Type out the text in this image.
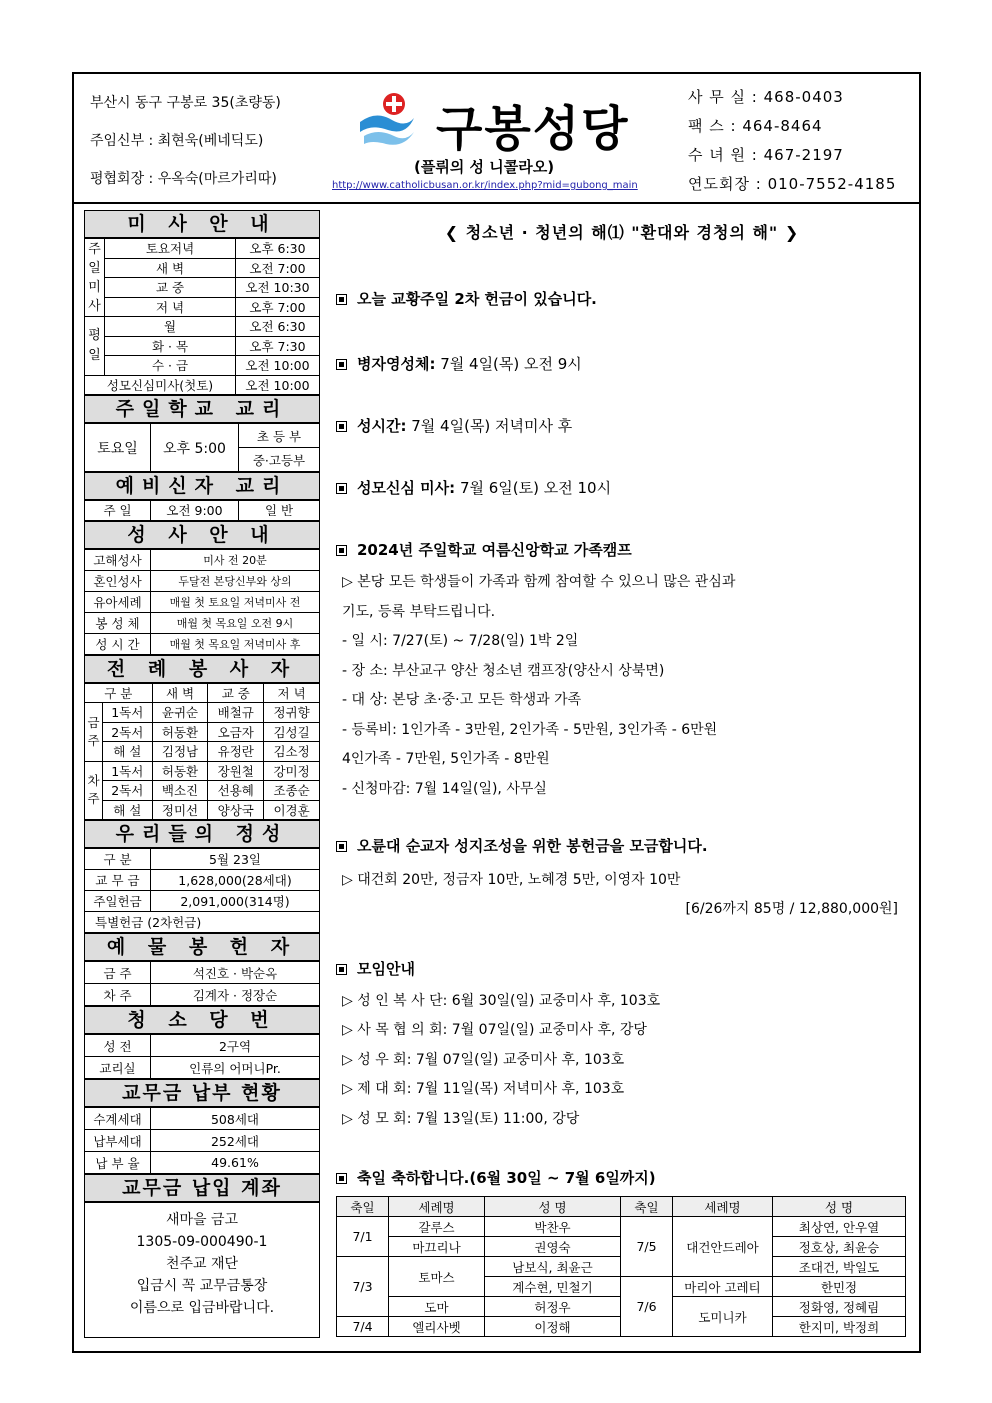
부산시 동구 구봉로 35(초량동)
주임신부 : 최현욱(베네딕도)
평협회장 : 우옥숙(마르가리따)
구봉성당
(플뤼의 성 니콜라오)
http://www.catholicbusan.or.kr/index.php?mid=gubong_main
사 무 실 : 468-0403
팩 스 : 464-8464
수 녀 원 : 467-2197
연도회장 : 010-7552-4185
미 사 안 내
주일미사	토요저녁	오후 6:30
	새 벽	오전 7:00
	교 중	오전 10:30
	저 녁	오후 7:00
평일	월	오전 6:30
	화 · 목	오후 7:30
	수 · 금	오전 10:00
성모신심미사(첫토)		오전 10:00
주일학교 교리
토요일	오후 5:00	초 등 부
중·고등부
예비신자 교리
주 일	오전 9:00	일 반
성 사 안 내
고해성사	미사 전 20분
혼인성사	두달전 본당신부와 상의
유아세례	매월 첫 토요일 저녁미사 전
봉 성 체	매월 첫 목요일 오전 9시
성 시 간	매월 첫 목요일 저녁미사 후
전 례 봉 사 자
구 분		새 벽	교 중	저 녁
금주	1독서	윤귀순	배철규	정귀향
	2독서	허동환	오금자	김성길
	해 설	김정남	유정란	김소정
차주	1독서	허동환	장원철	강미정
	2독서	백소진	선용혜	조종순
	해 설	정미선	양상국	이경훈
우리들의 정성
구 분	5월 23일
교 무 금	1,628,000(28세대)
주일헌금	2,091,000(314명)
특별헌금 (2차헌금)	
예 물 봉 헌 자
금 주	석진호 · 박순옥
차 주	김계자 · 정장순
청 소 당 번
성 전	2구역
교리실	인류의 어머니Pr.
교무금 납부 현황
수계세대	508세대
납부세대	252세대
납 부 율	49.61%
교무금 납입 계좌
새마을 금고
1305-09-000490-1
천주교 재단
입금시 꼭 교무금통장
이름으로 입금바랍니다.
❮ 청소년 · 청년의 해⑴ "환대와 경청의 해" ❯
오늘 교황주일 2차 헌금이 있습니다.
병자영성체: 7월 4일(목) 오전 9시
성시간: 7월 4일(목) 저녁미사 후
성모신심 미사: 7월 6일(토) 오전 10시
2024년 주일학교 여름신앙학교 가족캠프
▷ 본당 모든 학생들이 가족과 함께 참여할 수 있으니 많은 관심과
기도, 등록 부탁드립니다.
- 일 시: 7/27(토) ~ 7/28(일) 1박 2일
- 장 소: 부산교구 양산 청소년 캠프장(양산시 상북면)
- 대 상: 본당 초·중·고 모든 학생과 가족
- 등록비: 1인가족 - 3만원, 2인가족 - 5만원, 3인가족 - 6만원
4인가족 - 7만원, 5인가족 - 8만원
- 신청마감: 7월 14일(일), 사무실
오륜대 순교자 성지조성을 위한 봉헌금을 모금합니다.
▷ 대건회 20만, 정금자 10만, 노혜경 5만, 이영자 10만
[6/26까지 85명 / 12,880,000원]
모임안내
▷ 성 인 복 사 단: 6월 30일(일) 교중미사 후, 103호
▷ 사 목 협 의 회: 7월 07일(일) 교중미사 후, 강당
▷ 성 우 회: 7월 07일(일) 교중미사 후, 103호
▷ 제 대 회: 7월 11일(목) 저녁미사 후, 103호
▷ 성 모 회: 7월 13일(토) 11:00, 강당
축일 축하합니다.(6월 30일 ~ 7월 6일까지)
축일	세례명	성 명	축일	세례명	성 명
7/1	갈루스	박찬우	7/5	대건안드레아	최상연, 안우열
	마끄리나	권영숙			정호상, 최윤승
7/3	토마스	남보식, 최윤근			조대건, 박일도
		계수현, 민철기	7/6	마리아 고레티	한민정
	도마	허정우		도미니카	정화영, 정혜림
7/4	엘리사벳	이정해			한지미, 박정희
